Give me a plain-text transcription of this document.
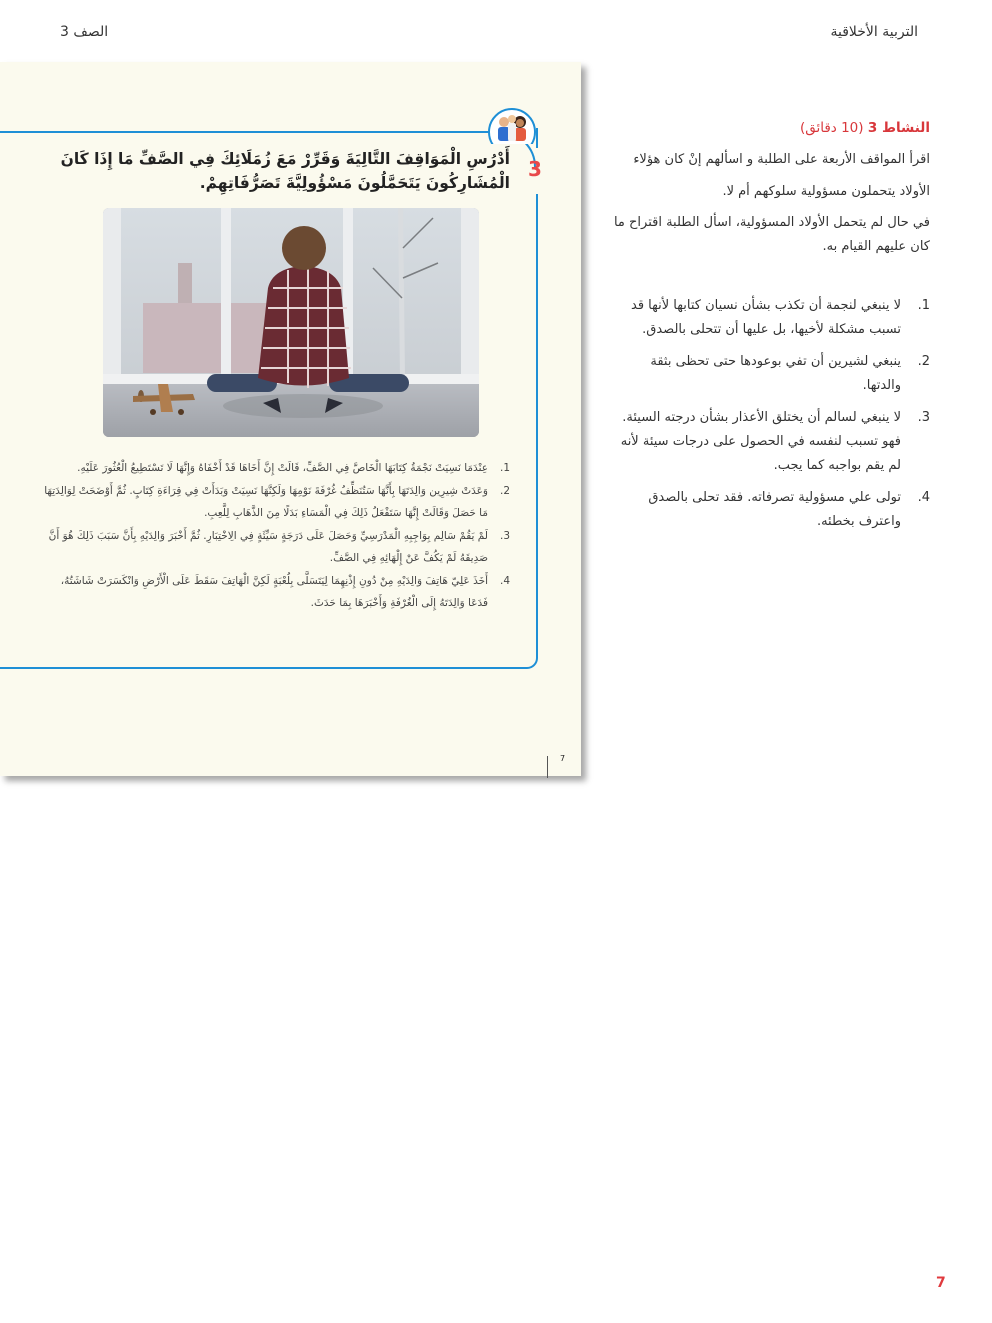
التربية الأخلاقية
الصف 3
3
أَدْرُسِ الْمَوَاقِفَ التَّالِيَةَ وَقَرِّرْ مَعَ زُمَلَائِكَ فِي الصَّفِّ مَا إِذَا كَانَ الْمُشَارِكُونَ يَتَحَمَّلُونَ مَسْؤُولِيَّةَ تَصَرُّفَاتِهِمْ.
1.
عِنْدَمَا نَسِيَتْ نَجْمَةُ كِتَابَهَا الْخَاصَّ فِي الصَّفِّ، قَالَتْ إِنَّ أَخَاهَا قَدْ أَخْفَاهُ وَإِنَّهَا لَا تَسْتَطِيعُ الْعُثُورَ عَلَيْهِ.
2.
وَعَدَتْ شِيرِين وَالِدَتَهَا بِأَنَّهَا سَتُنَظِّفُ غُرْفَةَ نَوْمِهَا وَلَكِنَّهَا نَسِيَتْ وَبَدَأَتْ فِي قِرَاءَةِ كِتَابٍ. ثُمَّ أَوْضَحَتْ لِوَالِدَتِهَا مَا حَصَلَ وَقَالَتْ إِنَّهَا سَتَفْعَلُ ذَلِكَ فِي الْمَسَاءِ بَدَلًا مِنَ الذَّهَابِ لِلَّعِبِ.
3.
لَمْ يَقُمْ سَالِم بِوَاجِبِهِ الْمَدْرَسِيِّ وَحَصَلَ عَلَى دَرَجَةٍ سَيِّئَةٍ فِي الِاخْتِبَارِ. ثُمَّ أَخْبَرَ وَالِدَيْهِ بِأَنَّ سَبَبَ ذَلِكَ هُوَ أَنَّ صَدِيقَهُ لَمْ يَكُفَّ عَنْ إِلْهَائِهِ فِي الصَّفِّ.
4.
أَخَذَ عَلِيّ هَاتِفَ وَالِدَيْهِ مِنْ دُونِ إِذْنِهِمَا لِيَتَسَلَّى بِلُعْبَةٍ لَكِنَّ الْهَاتِفَ سَقَطَ عَلَى الْأَرْضِ وَانْكَسَرَتْ شَاشَتُهُ، فَدَعَا وَالِدَتَهُ إِلَى الْغُرْفَةِ وَأَخْبَرَهَا بِمَا حَدَثَ.
7
النشاط 3 (10 دقائق)
اقرأ المواقف الأربعة على الطلبة و اسألهم إنْ كان هؤلاء
الأولاد يتحملون مسؤولية سلوكهم أم لا.
في حال لم يتحمل الأولاد المسؤولية، اسأل الطلبة اقتراح ما كان عليهم القيام به.
1.
لا ينبغي لنجمة أن تكذب بشأن نسيان كتابها لأنها قد تسبب مشكلة لأخيها، بل عليها أن تتحلى بالصدق.
2.
ينبغي لشيرين أن تفي بوعودها حتى تحظى بثقة والدتها.
3.
لا ينبغي لسالم أن يختلق الأعذار بشأن درجته السيئة. فهو تسبب لنفسه في الحصول على درجات سيئة لأنه لم يقم بواجبه كما يجب.
4.
تولى علي مسؤولية تصرفاته. فقد تحلى بالصدق واعترف بخطئه.
7
